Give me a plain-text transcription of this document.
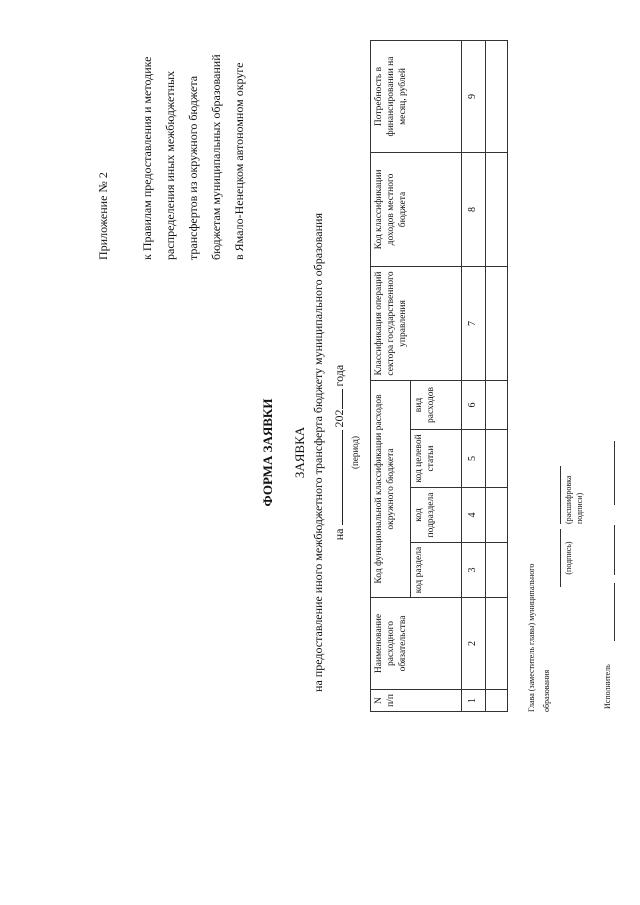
Приложение № 2	к Правилам предоставления и методике распределения иных межбюджетных трансфертов из окружного бюджета бюджетам муниципальных образований в Ямало-Ненецком автономном округе
ФОРМА ЗАЯВКИ ЗАЯВКА на предоставление иного межбюджетного трансферта бюджету муниципального образования на  202 года
(период)
N п/п	Наименование расходного обязательства	Код функциональной классификации расходов окружного бюджета				Классификация операций сектора государственного управления	Код классификации доходов местного бюджета	Потребность в финансировании на месяц, рублей
		код раздела	код подраздела	код целевой статьи	вид расходов			
1	2	3	4	5	6	7	8	9

Глава (заместитель главы) муниципального образования
(подпись)
(расшифровка подписи)
Исполнитель
